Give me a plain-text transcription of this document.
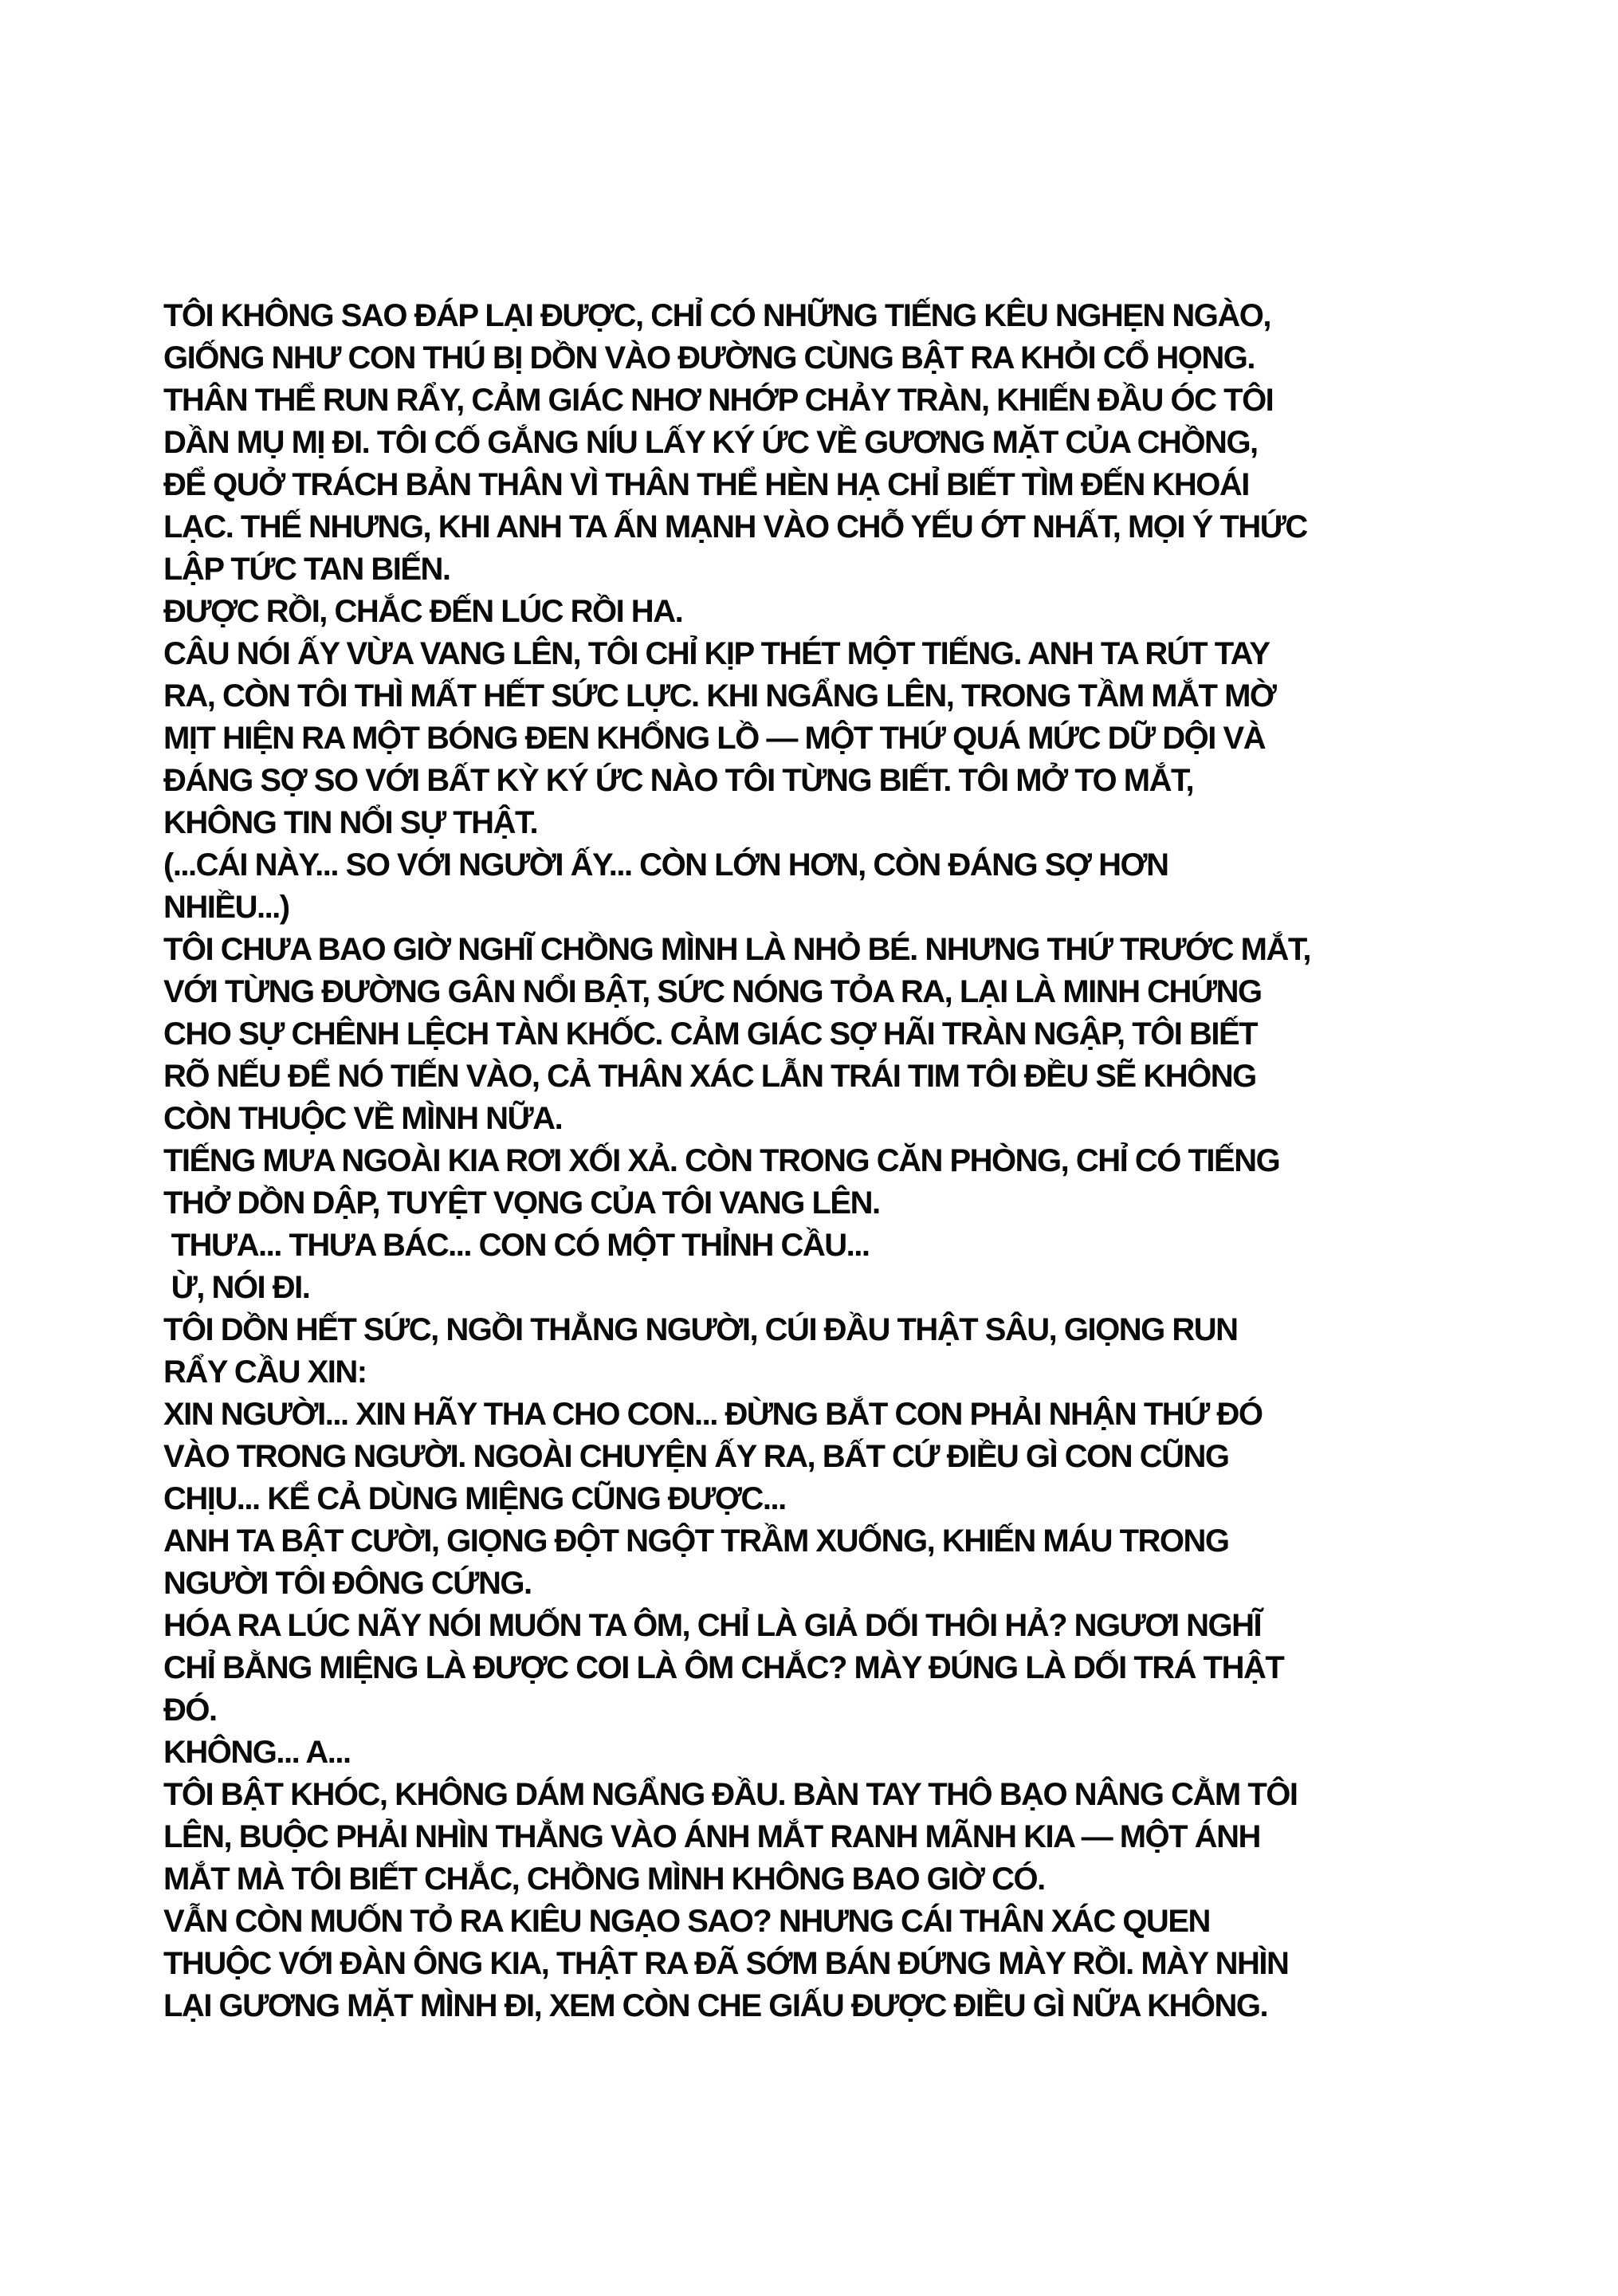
TÔI KHÔNG SAO ĐÁP LẠI ĐƯỢC, CHỈ CÓ NHỮNG TIẾNG KÊU NGHẸN NGÀO,
GIỐNG NHƯ CON THÚ BỊ DỒN VÀO ĐƯỜNG CÙNG BẬT RA KHỎI CỔ HỌNG.
THÂN THỂ RUN RẨY, CẢM GIÁC NHƠ NHỚP CHẢY TRÀN, KHIẾN ĐẦU ÓC TÔI
DẦN MỤ MỊ ĐI. TÔI CỐ GẮNG NÍU LẤY KÝ ỨC VỀ GƯƠNG MẶT CỦA CHỒNG,
ĐỂ QUỞ TRÁCH BẢN THÂN VÌ THÂN THỂ HÈN HẠ CHỈ BIẾT TÌM ĐẾN KHOÁI
LẠC. THẾ NHƯNG, KHI ANH TA ẤN MẠNH VÀO CHỖ YẾU ỚT NHẤT, MỌI Ý THỨC
LẬP TỨC TAN BIẾN.
ĐƯỢC RỒI, CHẮC ĐẾN LÚC RỒI HA.
CÂU NÓI ẤY VỪA VANG LÊN, TÔI CHỈ KỊP THÉT MỘT TIẾNG. ANH TA RÚT TAY
RA, CÒN TÔI THÌ MẤT HẾT SỨC LỰC. KHI NGẨNG LÊN, TRONG TẦM MẮT MỜ
MỊT HIỆN RA MỘT BÓNG ĐEN KHỔNG LỒ — MỘT THỨ QUÁ MỨC DỮ DỘI VÀ
ĐÁNG SỢ SO VỚI BẤT KỲ KÝ ỨC NÀO TÔI TỪNG BIẾT. TÔI MỞ TO MẮT,
KHÔNG TIN NỔI SỰ THẬT.
(...CÁI NÀY... SO VỚI NGƯỜI ẤY... CÒN LỚN HƠN, CÒN ĐÁNG SỢ HƠN
NHIỀU...)
TÔI CHƯA BAO GIỜ NGHĨ CHỒNG MÌNH LÀ NHỎ BÉ. NHƯNG THỨ TRƯỚC MẮT,
VỚI TỪNG ĐƯỜNG GÂN NỔI BẬT, SỨC NÓNG TỎA RA, LẠI LÀ MINH CHỨNG
CHO SỰ CHÊNH LỆCH TÀN KHỐC. CẢM GIÁC SỢ HÃI TRÀN NGẬP, TÔI BIẾT
RÕ NẾU ĐỂ NÓ TIẾN VÀO, CẢ THÂN XÁC LẪN TRÁI TIM TÔI ĐỀU SẼ KHÔNG
CÒN THUỘC VỀ MÌNH NỮA.
TIẾNG MƯA NGOÀI KIA RƠI XỐI XẢ. CÒN TRONG CĂN PHÒNG, CHỈ CÓ TIẾNG
THỞ DỒN DẬP, TUYỆT VỌNG CỦA TÔI VANG LÊN.
THƯA... THƯA BÁC... CON CÓ MỘT THỈNH CẦU...
Ừ, NÓI ĐI.
TÔI DỒN HẾT SỨC, NGỒI THẲNG NGƯỜI, CÚI ĐẦU THẬT SÂU, GIỌNG RUN
RẨY CẦU XIN:
XIN NGƯỜI... XIN HÃY THA CHO CON... ĐỪNG BẮT CON PHẢI NHẬN THỨ ĐÓ
VÀO TRONG NGƯỜI. NGOÀI CHUYỆN ẤY RA, BẤT CỨ ĐIỀU GÌ CON CŨNG
CHỊU... KỂ CẢ DÙNG MIỆNG CŨNG ĐƯỢC...
ANH TA BẬT CƯỜI, GIỌNG ĐỘT NGỘT TRẦM XUỐNG, KHIẾN MÁU TRONG
NGƯỜI TÔI ĐÔNG CỨNG.
HÓA RA LÚC NÃY NÓI MUỐN TA ÔM, CHỈ LÀ GIẢ DỐI THÔI HẢ? NGƯƠI NGHĨ
CHỈ BẰNG MIỆNG LÀ ĐƯỢC COI LÀ ÔM CHẮC? MÀY ĐÚNG LÀ DỐI TRÁ THẬT
ĐÓ.
KHÔNG... A...
TÔI BẬT KHÓC, KHÔNG DÁM NGẨNG ĐẦU. BÀN TAY THÔ BẠO NÂNG CẰM TÔI
LÊN, BUỘC PHẢI NHÌN THẲNG VÀO ÁNH MẮT RANH MÃNH KIA — MỘT ÁNH
MẮT MÀ TÔI BIẾT CHẮC, CHỒNG MÌNH KHÔNG BAO GIỜ CÓ.
VẪN CÒN MUỐN TỎ RA KIÊU NGẠO SAO? NHƯNG CÁI THÂN XÁC QUEN
THUỘC VỚI ĐÀN ÔNG KIA, THẬT RA ĐÃ SỚM BÁN ĐỨNG MÀY RỒI. MÀY NHÌN
LẠI GƯƠNG MẶT MÌNH ĐI, XEM CÒN CHE GIẤU ĐƯỢC ĐIỀU GÌ NỮA KHÔNG.
